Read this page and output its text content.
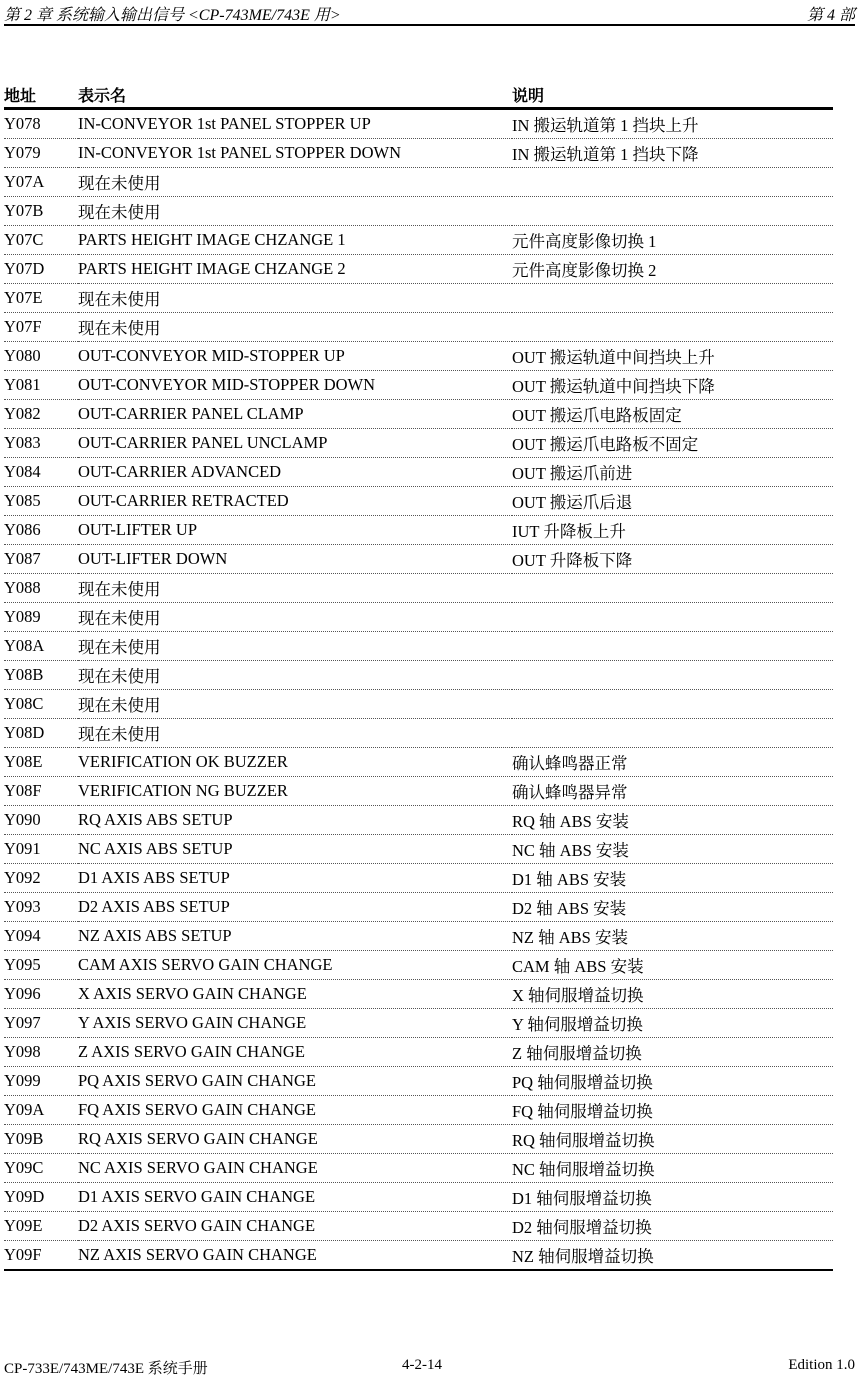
第 2 章 系统输入输出信号 <CP-743ME/743E 用>	第 4 部
地址	表示名	说明
Y078	IN-CONVEYOR 1st PANEL STOPPER UP	IN 搬运轨道第 1 挡块上升
Y079	IN-CONVEYOR 1st PANEL STOPPER DOWN	IN 搬运轨道第 1 挡块下降
Y07A	现在未使用	
Y07B	现在未使用	
Y07C	PARTS HEIGHT IMAGE CHZANGE 1	元件高度影像切换 1
Y07D	PARTS HEIGHT IMAGE CHZANGE 2	元件高度影像切换 2
Y07E	现在未使用	
Y07F	现在未使用	
Y080	OUT-CONVEYOR MID-STOPPER UP	OUT 搬运轨道中间挡块上升
Y081	OUT-CONVEYOR MID-STOPPER DOWN	OUT 搬运轨道中间挡块下降
Y082	OUT-CARRIER PANEL CLAMP	OUT 搬运爪电路板固定
Y083	OUT-CARRIER PANEL UNCLAMP	OUT 搬运爪电路板不固定
Y084	OUT-CARRIER ADVANCED	OUT 搬运爪前进
Y085	OUT-CARRIER RETRACTED	OUT 搬运爪后退
Y086	OUT-LIFTER UP	IUT 升降板上升
Y087	OUT-LIFTER DOWN	OUT 升降板下降
Y088	现在未使用	
Y089	现在未使用	
Y08A	现在未使用	
Y08B	现在未使用	
Y08C	现在未使用	
Y08D	现在未使用	
Y08E	VERIFICATION OK BUZZER	确认蜂鸣器正常
Y08F	VERIFICATION NG BUZZER	确认蜂鸣器异常
Y090	RQ AXIS ABS SETUP	RQ 轴 ABS 安装
Y091	NC AXIS ABS SETUP	NC 轴 ABS 安装
Y092	D1 AXIS ABS SETUP	D1 轴 ABS 安装
Y093	D2 AXIS ABS SETUP	D2 轴 ABS 安装
Y094	NZ AXIS ABS SETUP	NZ 轴 ABS 安装
Y095	CAM AXIS SERVO GAIN CHANGE	CAM 轴 ABS 安装
Y096	X AXIS SERVO GAIN CHANGE	X 轴伺服增益切换
Y097	Y AXIS SERVO GAIN CHANGE	Y 轴伺服增益切换
Y098	Z AXIS SERVO GAIN CHANGE	Z 轴伺服增益切换
Y099	PQ AXIS SERVO GAIN CHANGE	PQ 轴伺服增益切换
Y09A	FQ AXIS SERVO GAIN CHANGE	FQ 轴伺服增益切换
Y09B	RQ AXIS SERVO GAIN CHANGE	RQ 轴伺服增益切换
Y09C	NC AXIS SERVO GAIN CHANGE	NC 轴伺服增益切换
Y09D	D1 AXIS SERVO GAIN CHANGE	D1 轴伺服增益切换
Y09E	D2 AXIS SERVO GAIN CHANGE	D2 轴伺服增益切换
Y09F	NZ AXIS SERVO GAIN CHANGE	NZ 轴伺服增益切换
CP-733E/743ME/743E 系统手册	4-2-14	Edition 1.0
